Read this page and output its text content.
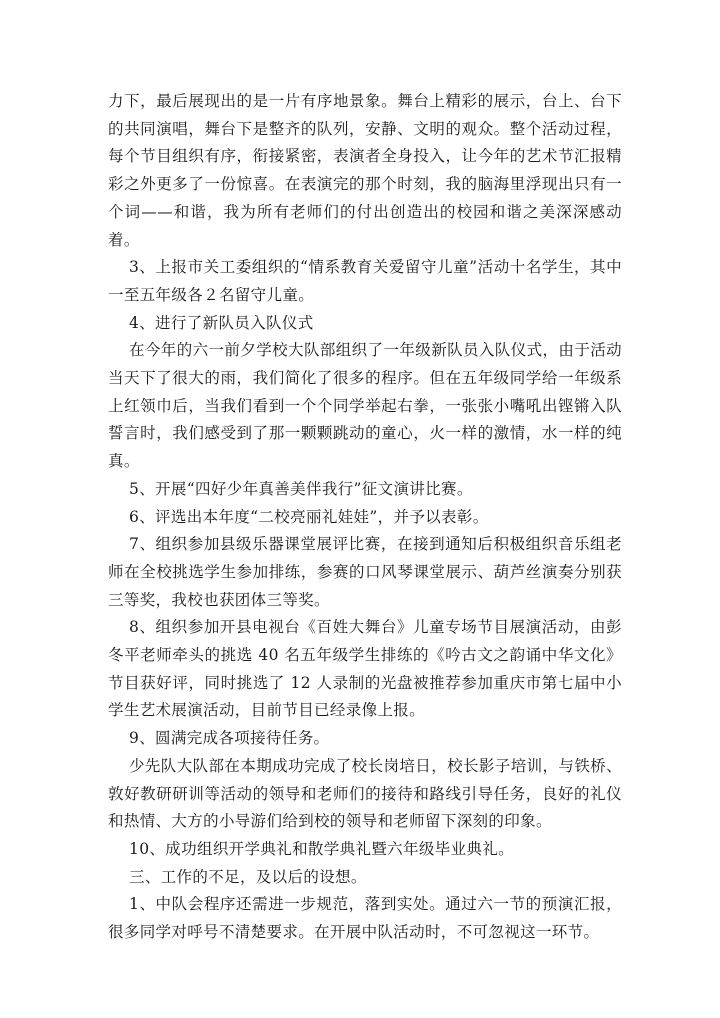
力下，最后展现出的是一片有序地景象。舞台上精彩的展示，台上、台下的共同演唱，舞台下是整齐的队列，安静、文明的观众。整个活动过程，每个节目组织有序，衔接紧密，表演者全身投入，让今年的艺术节汇报精彩之外更多了一份惊喜。在表演完的那个时刻，我的脑海里浮现出只有一个词——和谐，我为所有老师们的付出创造出的校园和谐之美深深感动着。

3、上报市关工委组织的“情系教育关爱留守儿童”活动十名学生，其中一至五年级各２名留守儿童。

4、进行了新队员入队仪式

在今年的六一前夕学校大队部组织了一年级新队员入队仪式，由于活动当天下了很大的雨，我们简化了很多的程序。但在五年级同学给一年级系上红领巾后，当我们看到一个个同学举起右拳，一张张小嘴吼出铿锵入队誓言时，我们感受到了那一颗颗跳动的童心，火一样的激情，水一样的纯真。

5、开展“四好少年真善美伴我行”征文演讲比赛。

6、评选出本年度“二校亮丽礼娃娃”，并予以表彰。

7、组织参加县级乐器课堂展评比赛，在接到通知后积极组织音乐组老师在全校挑选学生参加排练，参赛的口风琴课堂展示、葫芦丝演奏分别获三等奖，我校也获团体三等奖。

8、组织参加开县电视台《百姓大舞台》儿童专场节目展演活动，由彭冬平老师牵头的挑选 40 名五年级学生排练的《吟古文之韵诵中华文化》节目获好评，同时挑选了 12 人录制的光盘被推荐参加重庆市第七届中小学生艺术展演活动，目前节目已经录像上报。

9、圆满完成各项接待任务。

少先队大队部在本期成功完成了校长岗培日，校长影子培训，与铁桥、敦好教研研训等活动的领导和老师们的接待和路线引导任务，良好的礼仪和热情、大方的小导游们给到校的领导和老师留下深刻的印象。

10、成功组织开学典礼和散学典礼暨六年级毕业典礼。

三、工作的不足，及以后的设想。

1、中队会程序还需进一步规范，落到实处。通过六一节的预演汇报，很多同学对呼号不清楚要求。在开展中队活动时，不可忽视这一环节。
